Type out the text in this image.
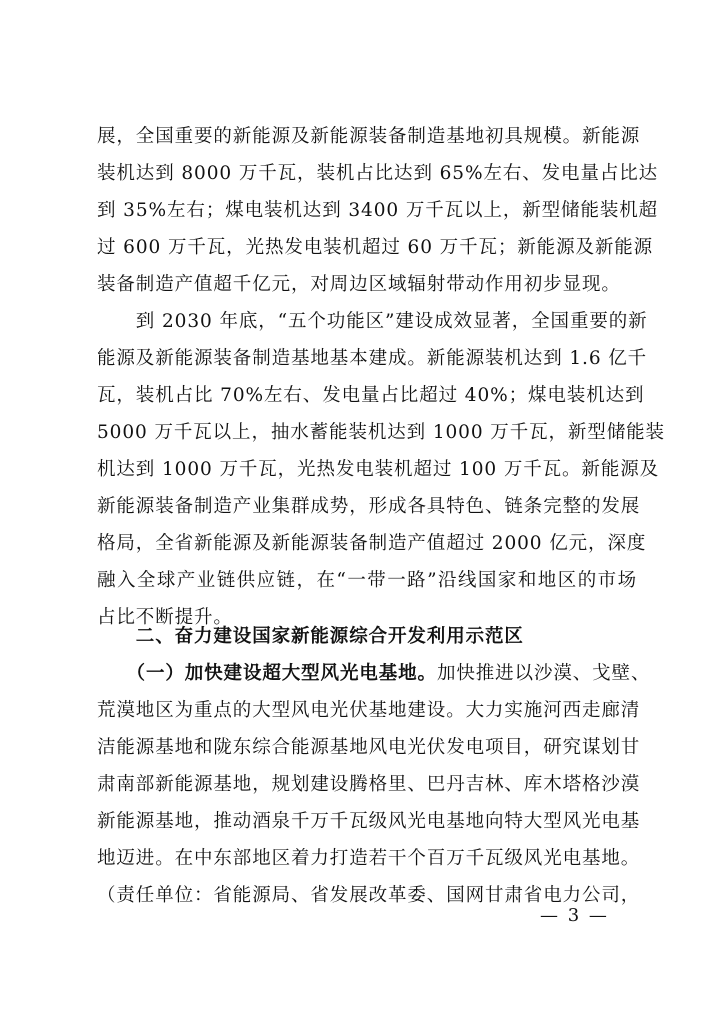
展，全国重要的新能源及新能源装备制造基地初具规模。新能源
装机达到 8000 万千瓦，装机占比达到 65%左右、发电量占比达
到 35%左右；煤电装机达到 3400 万千瓦以上，新型储能装机超
过 600 万千瓦，光热发电装机超过 60 万千瓦；新能源及新能源
装备制造产值超千亿元，对周边区域辐射带动作用初步显现。
　　到 2030 年底，“五个功能区”建设成效显著，全国重要的新
能源及新能源装备制造基地基本建成。新能源装机达到 1.6 亿千
瓦，装机占比 70%左右、发电量占比超过 40%；煤电装机达到
5000 万千瓦以上，抽水蓄能装机达到 1000 万千瓦，新型储能装
机达到 1000 万千瓦，光热发电装机超过 100 万千瓦。新能源及
新能源装备制造产业集群成势，形成各具特色、链条完整的发展
格局，全省新能源及新能源装备制造产值超过 2000 亿元，深度
融入全球产业链供应链，在“一带一路”沿线国家和地区的市场
占比不断提升。
　　二、奋力建设国家新能源综合开发利用示范区
　　（一）加快建设超大型风光电基地。加快推进以沙漠、戈壁、
荒漠地区为重点的大型风电光伏基地建设。大力实施河西走廊清
洁能源基地和陇东综合能源基地风电光伏发电项目，研究谋划甘
肃南部新能源基地，规划建设腾格里、巴丹吉林、库木塔格沙漠
新能源基地，推动酒泉千万千瓦级风光电基地向特大型风光电基
地迈进。在中东部地区着力打造若干个百万千瓦级风光电基地。
（责任单位：省能源局、省发展改革委、国网甘肃省电力公司，
— 3 —
